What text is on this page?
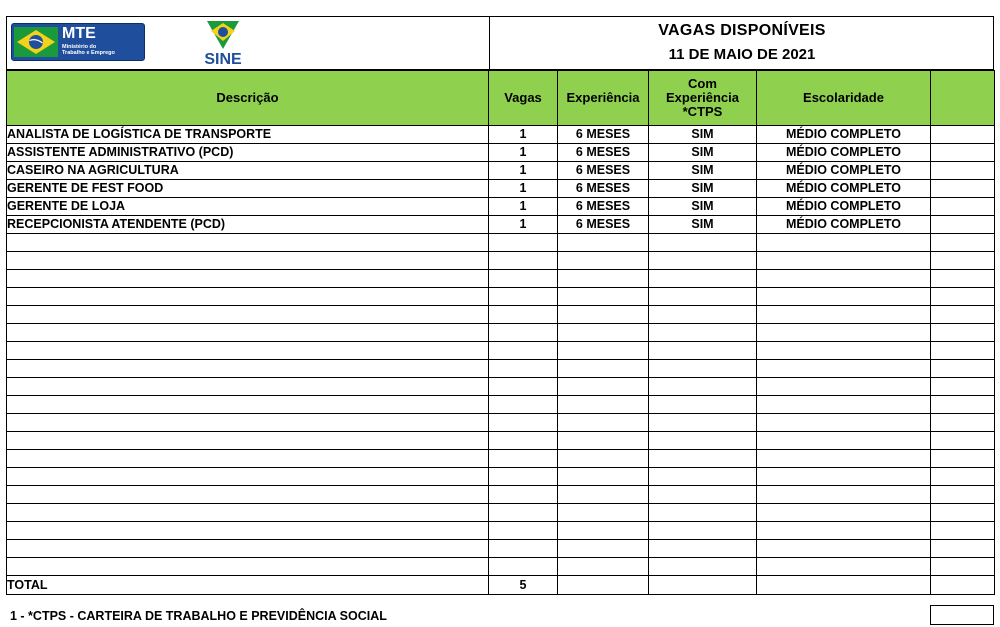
MTE
Ministério do
Trabalho e Emprego	SINE
VAGAS DISPONÍVEIS
11 DE MAIO DE 2021
Descrição	Vagas	Experiência	Com
Experiência
*CTPS	Escolaridade	
ANALISTA DE LOGÍSTICA DE TRANSPORTE	1	6 MESES	SIM	MÉDIO COMPLETO	
ASSISTENTE ADMINISTRATIVO (PCD)	1	6 MESES	SIM	MÉDIO COMPLETO	
CASEIRO NA AGRICULTURA	1	6 MESES	SIM	MÉDIO COMPLETO	
GERENTE DE FEST FOOD	1	6 MESES	SIM	MÉDIO COMPLETO	
GERENTE DE LOJA	1	6 MESES	SIM	MÉDIO COMPLETO	
RECEPCIONISTA ATENDENTE (PCD)	1	6 MESES	SIM	MÉDIO COMPLETO	

TOTAL	5				
1 - *CTPS - CARTEIRA DE TRABALHO E PREVIDÊNCIA SOCIAL
